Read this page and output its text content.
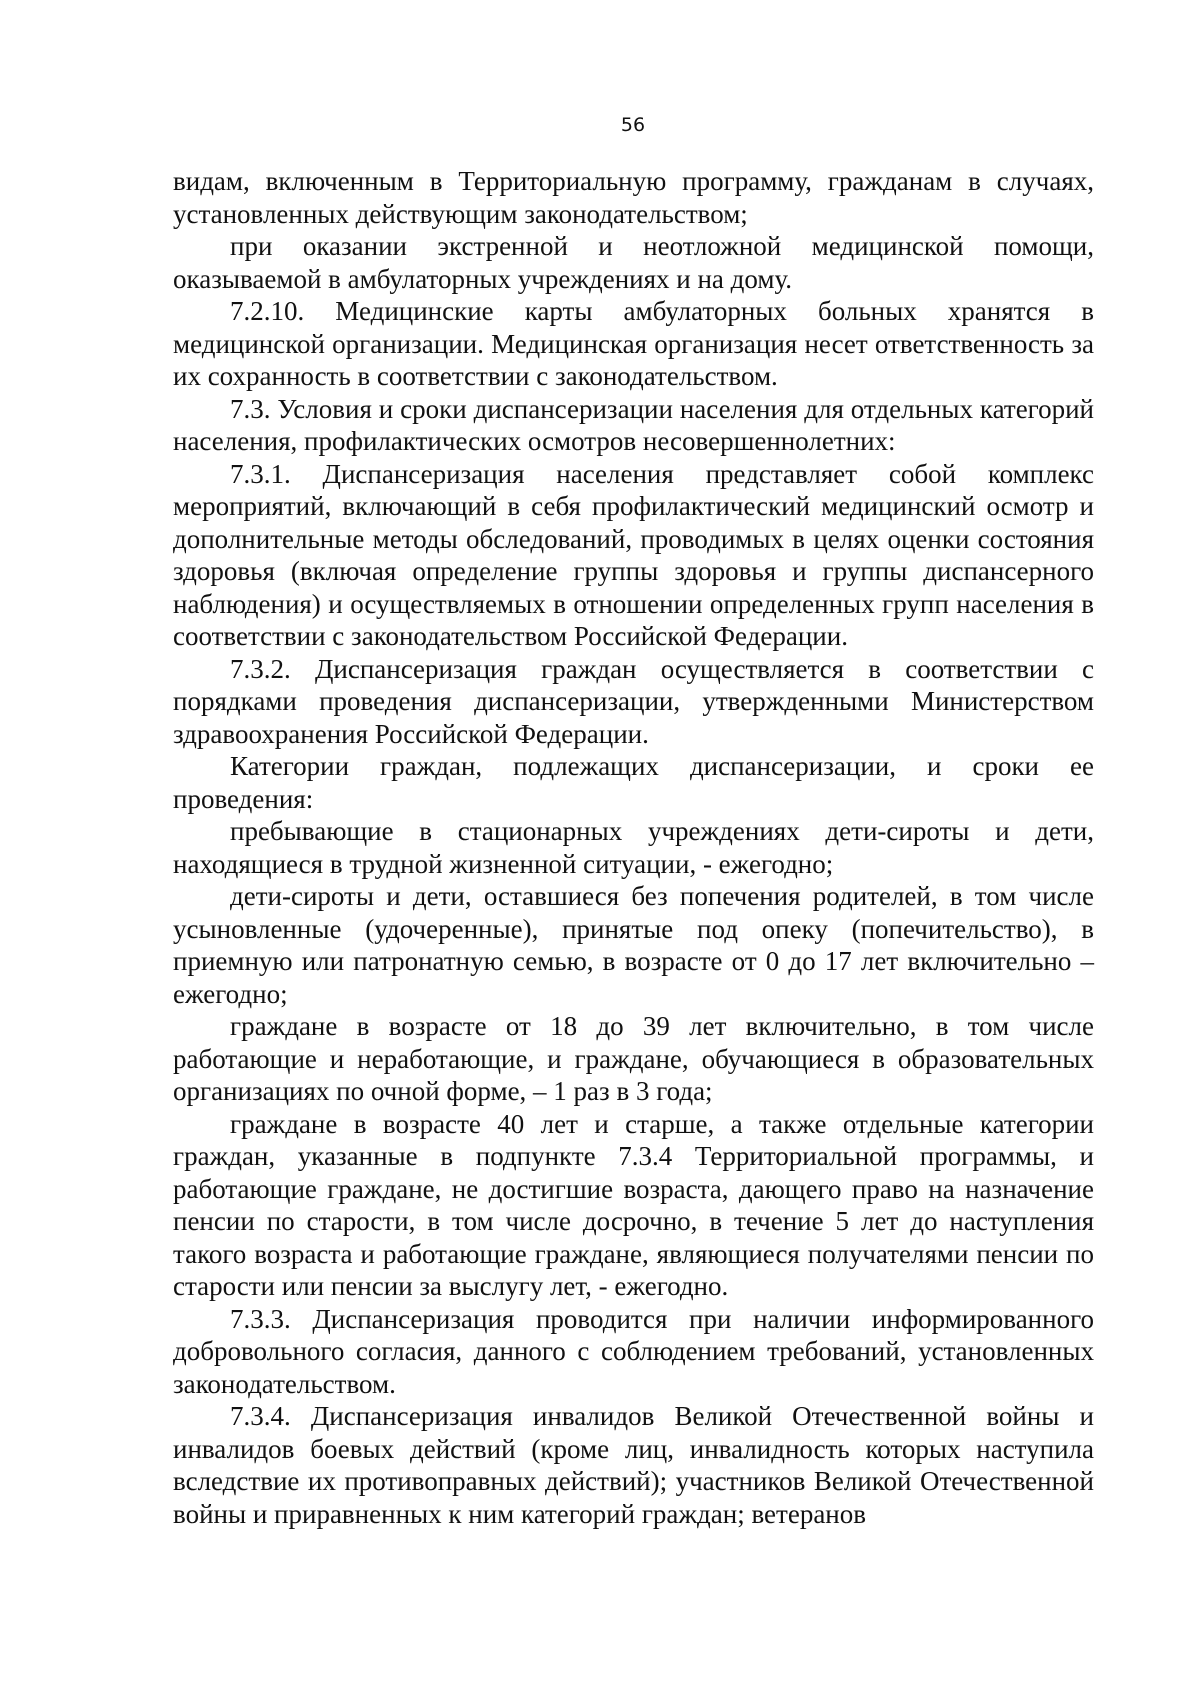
56

видам, включенным в Территориальную программу, гражданам в случаях, установленных действующим законодательством;

при оказании экстренной и неотложной медицинской помощи, оказываемой в амбулаторных учреждениях и на дому.

7.2.10. Медицинские карты амбулаторных больных хранятся в медицинской организации. Медицинская организация несет ответственность за их сохранность в соответствии с законодательством.

7.3. Условия и сроки диспансеризации населения для отдельных категорий населения, профилактических осмотров несовершеннолетних:

7.3.1. Диспансеризация населения представляет собой комплекс мероприятий, включающий в себя профилактический медицинский осмотр и дополнительные методы обследований, проводимых в целях оценки состояния здоровья (включая определение группы здоровья и группы диспансерного наблюдения) и осуществляемых в отношении определенных групп населения в соответствии с законодательством Российской Федерации.

7.3.2. Диспансеризация граждан осуществляется в соответствии с порядками проведения диспансеризации, утвержденными Министерством здравоохранения Российской Федерации.

Категории граждан, подлежащих диспансеризации, и сроки ее проведения:

пребывающие в стационарных учреждениях дети-сироты и дети, находящиеся в трудной жизненной ситуации, - ежегодно;

дети-сироты и дети, оставшиеся без попечения родителей, в том числе усыновленные (удочеренные), принятые под опеку (попечительство), в приемную или патронатную семью, в возрасте от 0 до 17 лет включительно – ежегодно;

граждане в возрасте от 18 до 39 лет включительно, в том числе работающие и неработающие, и граждане, обучающиеся в образовательных организациях по очной форме, – 1 раз в 3 года;

граждане в возрасте 40 лет и старше, а также отдельные категории граждан, указанные в подпункте 7.3.4 Территориальной программы, и работающие граждане, не достигшие возраста, дающего право на назначение пенсии по старости, в том числе досрочно, в течение 5 лет до наступления такого возраста и работающие граждане, являющиеся получателями пенсии по старости или пенсии за выслугу лет, - ежегодно.

7.3.3. Диспансеризация проводится при наличии информированного добровольного согласия, данного с соблюдением требований, установленных законодательством.

7.3.4. Диспансеризация инвалидов Великой Отечественной войны и инвалидов боевых действий (кроме лиц, инвалидность которых наступила вследствие их противоправных действий); участников Великой Отечественной войны и приравненных к ним категорий граждан; ветеранов
